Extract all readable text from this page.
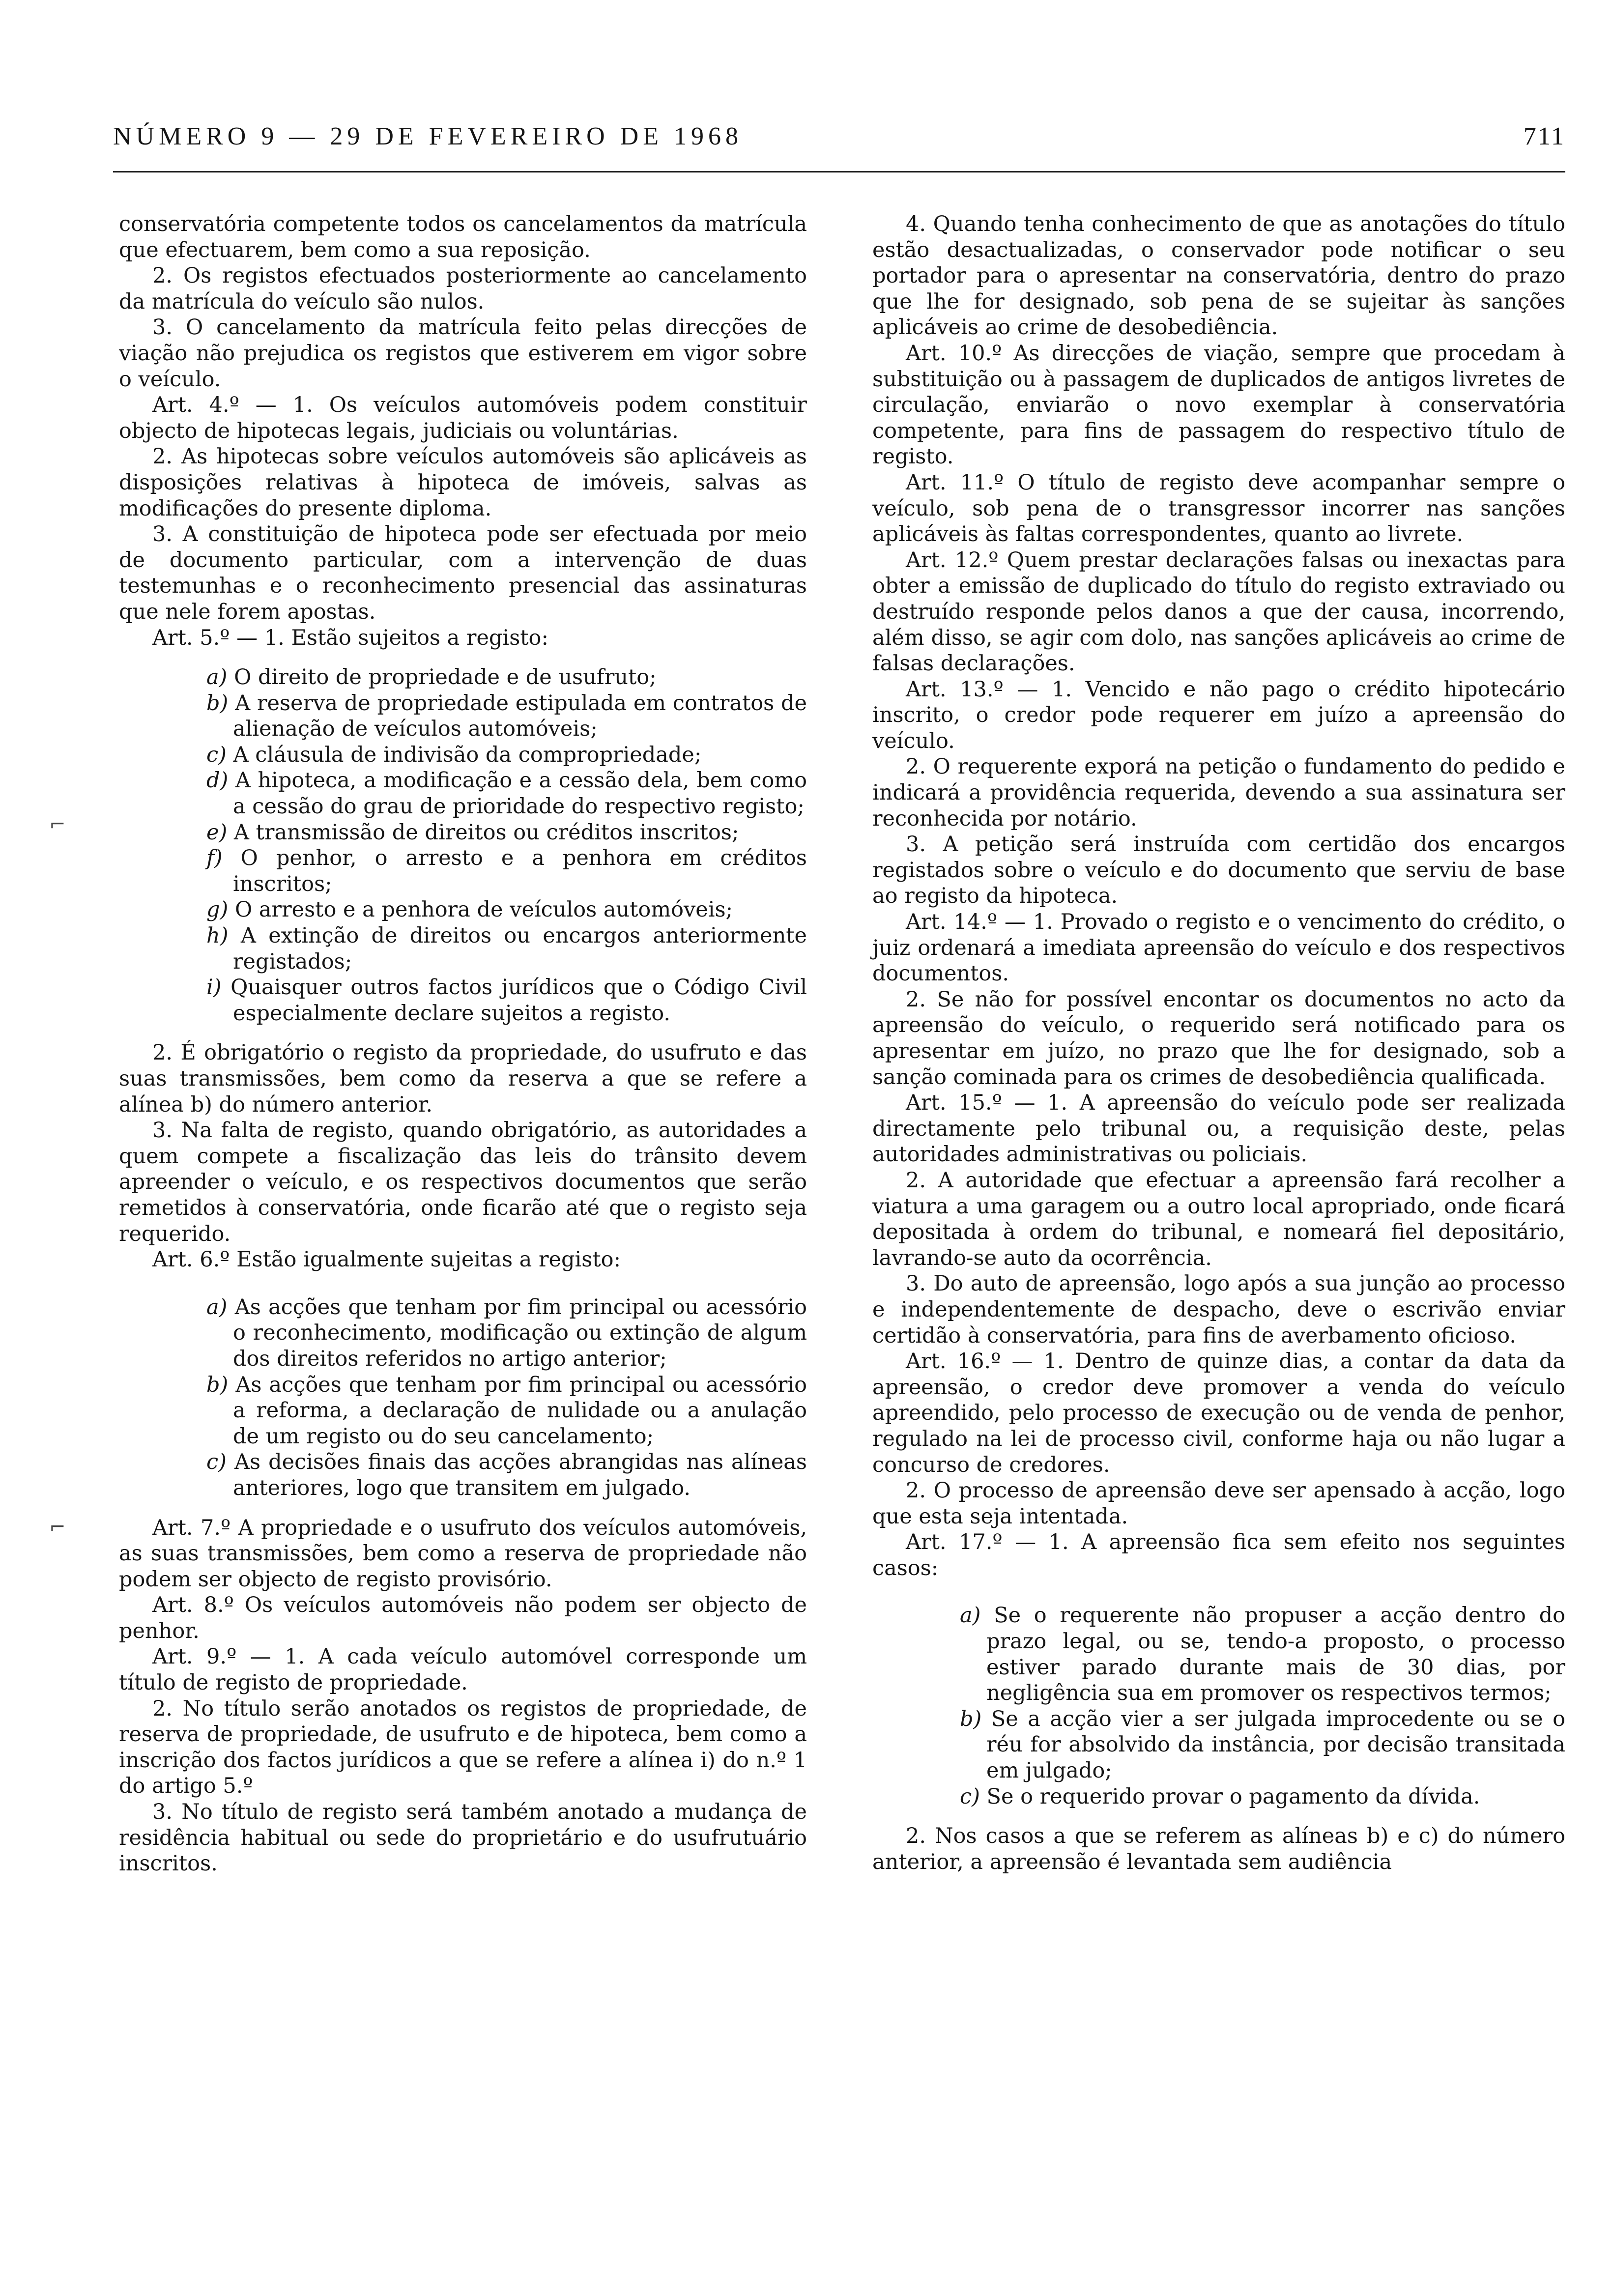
NÚMERO 9 — 29 DE FEVEREIRO DE 1968	711
⌐
⌐

conservatória competente todos os cancelamentos da matrícula que efectuarem, bem como a sua reposição.

2. Os registos efectuados posteriormente ao cancelamento da matrícula do veículo são nulos.

3. O cancelamento da matrícula feito pelas direcções de viação não prejudica os registos que estiverem em vigor sobre o veículo.

Art. 4.º — 1. Os veículos automóveis podem constituir objecto de hipotecas legais, judiciais ou voluntárias.

2. As hipotecas sobre veículos automóveis são aplicáveis as disposições relativas à hipoteca de imóveis, salvas as modificações do presente diploma.

3. A constituição de hipoteca pode ser efectuada por meio de documento particular, com a intervenção de duas testemunhas e o reconhecimento presencial das assinaturas que nele forem apostas.

Art. 5.º — 1. Estão sujeitos a registo:

a) O direito de propriedade e de usufruto;

b) A reserva de propriedade estipulada em contratos de alienação de veículos automóveis;

c) A cláusula de indivisão da compropriedade;

d) A hipoteca, a modificação e a cessão dela, bem como a cessão do grau de prioridade do respectivo registo;

e) A transmissão de direitos ou créditos inscritos;

f) O penhor, o arresto e a penhora em créditos inscritos;

g) O arresto e a penhora de veículos automóveis;

h) A extinção de direitos ou encargos anteriormente registados;

i) Quaisquer outros factos jurídicos que o Código Civil especialmente declare sujeitos a registo.

2. É obrigatório o registo da propriedade, do usufruto e das suas transmissões, bem como da reserva a que se refere a alínea b) do número anterior.

3. Na falta de registo, quando obrigatório, as autoridades a quem compete a fiscalização das leis do trânsito devem apreender o veículo, e os respectivos documentos que serão remetidos à conservatória, onde ficarão até que o registo seja requerido.

Art. 6.º Estão igualmente sujeitas a registo:

a) As acções que tenham por fim principal ou acessório o reconhecimento, modificação ou extinção de algum dos direitos referidos no artigo anterior;

b) As acções que tenham por fim principal ou acessório a reforma, a declaração de nulidade ou a anulação de um registo ou do seu cancelamento;

c) As decisões finais das acções abrangidas nas alíneas anteriores, logo que transitem em julgado.

Art. 7.º A propriedade e o usufruto dos veículos automóveis, as suas transmissões, bem como a reserva de propriedade não podem ser objecto de registo provisório.

Art. 8.º Os veículos automóveis não podem ser objecto de penhor.

Art. 9.º — 1. A cada veículo automóvel corresponde um título de registo de propriedade.

2. No título serão anotados os registos de propriedade, de reserva de propriedade, de usufruto e de hipoteca, bem como a inscrição dos factos jurídicos a que se refere a alínea i) do n.º 1 do artigo 5.º

3. No título de registo será também anotado a mudança de residência habitual ou sede do proprietário e do usufrutuário inscritos.

4. Quando tenha conhecimento de que as anotações do título estão desactualizadas, o conservador pode notificar o seu portador para o apresentar na conservatória, dentro do prazo que lhe for designado, sob pena de se sujeitar às sanções aplicáveis ao crime de desobediência.

Art. 10.º As direcções de viação, sempre que procedam à substituição ou à passagem de duplicados de antigos livretes de circulação, enviarão o novo exemplar à conservatória competente, para fins de passagem do respectivo título de registo.

Art. 11.º O título de registo deve acompanhar sempre o veículo, sob pena de o transgressor incorrer nas sanções aplicáveis às faltas correspondentes, quanto ao livrete.

Art. 12.º Quem prestar declarações falsas ou inexactas para obter a emissão de duplicado do título do registo extraviado ou destruído responde pelos danos a que der causa, incorrendo, além disso, se agir com dolo, nas sanções aplicáveis ao crime de falsas declarações.

Art. 13.º — 1. Vencido e não pago o crédito hipotecário inscrito, o credor pode requerer em juízo a apreensão do veículo.

2. O requerente exporá na petição o fundamento do pedido e indicará a providência requerida, devendo a sua assinatura ser reconhecida por notário.

3. A petição será instruída com certidão dos encargos registados sobre o veículo e do documento que serviu de base ao registo da hipoteca.

Art. 14.º — 1. Provado o registo e o vencimento do crédito, o juiz ordenará a imediata apreensão do veículo e dos respectivos documentos.

2. Se não for possível encontar os documentos no acto da apreensão do veículo, o requerido será notificado para os apresentar em juízo, no prazo que lhe for designado, sob a sanção cominada para os crimes de desobediência qualificada.

Art. 15.º — 1. A apreensão do veículo pode ser realizada directamente pelo tribunal ou, a requisição deste, pelas autoridades administrativas ou policiais.

2. A autoridade que efectuar a apreensão fará recolher a viatura a uma garagem ou a outro local apropriado, onde ficará depositada à ordem do tribunal, e nomeará fiel depositário, lavrando-se auto da ocorrência.

3. Do auto de apreensão, logo após a sua junção ao processo e independentemente de despacho, deve o escrivão enviar certidão à conservatória, para fins de averbamento oficioso.

Art. 16.º — 1. Dentro de quinze dias, a contar da data da apreensão, o credor deve promover a venda do veículo apreendido, pelo processo de execução ou de venda de penhor, regulado na lei de processo civil, conforme haja ou não lugar a concurso de credores.

2. O processo de apreensão deve ser apensado à acção, logo que esta seja intentada.

Art. 17.º — 1. A apreensão fica sem efeito nos seguintes casos:

a) Se o requerente não propuser a acção dentro do prazo legal, ou se, tendo-a proposto, o processo estiver parado durante mais de 30 dias, por negligência sua em promover os respectivos termos;

b) Se a acção vier a ser julgada improcedente ou se o réu for absolvido da instância, por decisão transitada em julgado;

c) Se o requerido provar o pagamento da dívida.

2. Nos casos a que se referem as alíneas b) e c) do número anterior, a apreensão é levantada sem audiência
